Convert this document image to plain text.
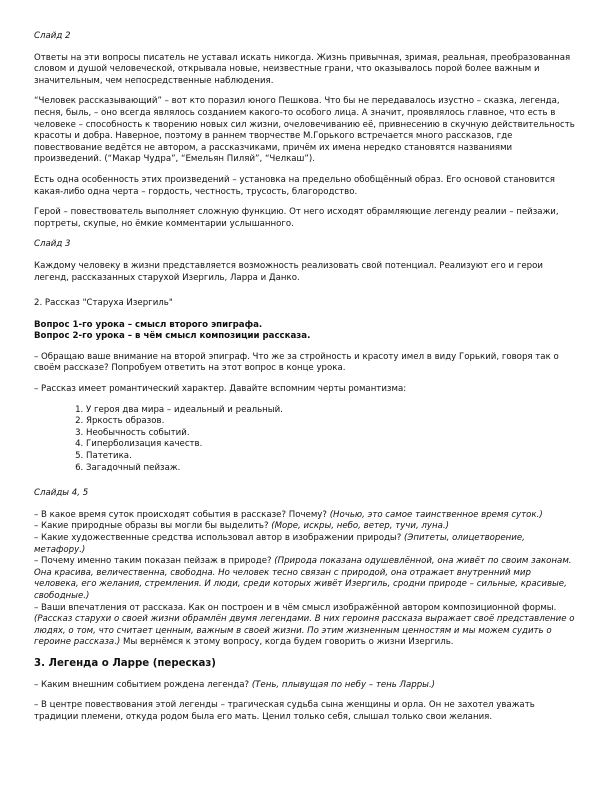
Слайд 2

Ответы на эти вопросы писатель не уставал искать никогда. Жизнь привычная, зримая, реальная, преобразованная словом и душой человеческой, открывала новые, неизвестные грани, что оказывалось порой более важным и значительным, чем непосредственные наблюдения.

“Человек рассказывающий” – вот кто поразил юного Пешкова. Что бы не передавалось изустно – сказка, легенда, песня, быль, – оно всегда являлось созданием какого-то особого лица. А значит, проявлялось главное, что есть в человеке – способность к творению новых сил жизни, очеловечиванию её, привнесению в скучную действительность красоты и добра. Наверное, поэтому в раннем творчестве М.Горького встречается много рассказов, где повествование ведётся не автором, а рассказчиками, причём их имена нередко становятся названиями произведений. (“Макар Чудра”, “Емельян Пиляй”, “Челкаш”).

Есть одна особенность этих произведений – установка на предельно обобщённый образ. Его основой становится какая-либо одна черта – гордость, честность, трусость, благородство.

Герой – повествователь выполняет сложную функцию. От него исходят обрамляющие легенду реалии – пейзажи, портреты, скупые, но ёмкие комментарии услышанного.

Слайд 3

Каждому человеку в жизни представляется возможность реализовать свой потенциал. Реализуют его и герои легенд, рассказанных старухой Изергиль, Ларра и Данко.

2. Рассказ "Старуха Изергиль"

Вопрос 1-го урока – смысл второго эпиграфа.

Вопрос 2-го урока – в чём смысл композиции рассказа.

– Обращаю ваше внимание на второй эпиграф. Что же за стройность и красоту имел в виду Горький, говоря так о своём рассказе? Попробуем ответить на этот вопрос в конце урока.

– Рассказ имеет романтический характер. Давайте вспомним черты романтизма:

1. У героя два мира – идеальный и реальный.
2. Яркость образов.
3. Необычность событий.
4. Гиперболизация качеств.
5. Патетика.
6. Загадочный пейзаж.

Слайды 4, 5

– В какое время суток происходят события в рассказе? Почему? (Ночью, это самое таинственное время суток.)

– Какие природные образы вы могли бы выделить? (Море, искры, небо, ветер, тучи, луна.)

– Какие художественные средства использовал автор в изображении природы? (Эпитеты, олицетворение, метафору.)

– Почему именно таким показан пейзаж в природе? (Природа показана одушевлённой, она живёт по своим законам. Она красива, величественна, свободна. Но человек тесно связан с природой, она отражает внутренний мир человека, его желания, стремления. И люди, среди которых живёт Изергиль, сродни природе – сильные, красивые, свободные.)

– Ваши впечатления от рассказа. Как он построен и в чём смысл изображённой автором композиционной формы. (Рассказ старухи о своей жизни обрамлён двумя легендами. В них героиня рассказа выражает своё представление о людях, о том, что считает ценным, важным в своей жизни. По этим жизненным ценностям и мы можем судить о героине рассказа.) Мы вернёмся к этому вопросу, когда будем говорить о жизни Изергиль.

3. Легенда о Ларре (пересказ)

– Каким внешним событием рождена легенда? (Тень, плывущая по небу – тень Ларры.)

– В центре повествования этой легенды – трагическая судьба сына женщины и орла. Он не захотел уважать традиции племени, откуда родом была его мать. Ценил только себя, слышал только свои желания.
